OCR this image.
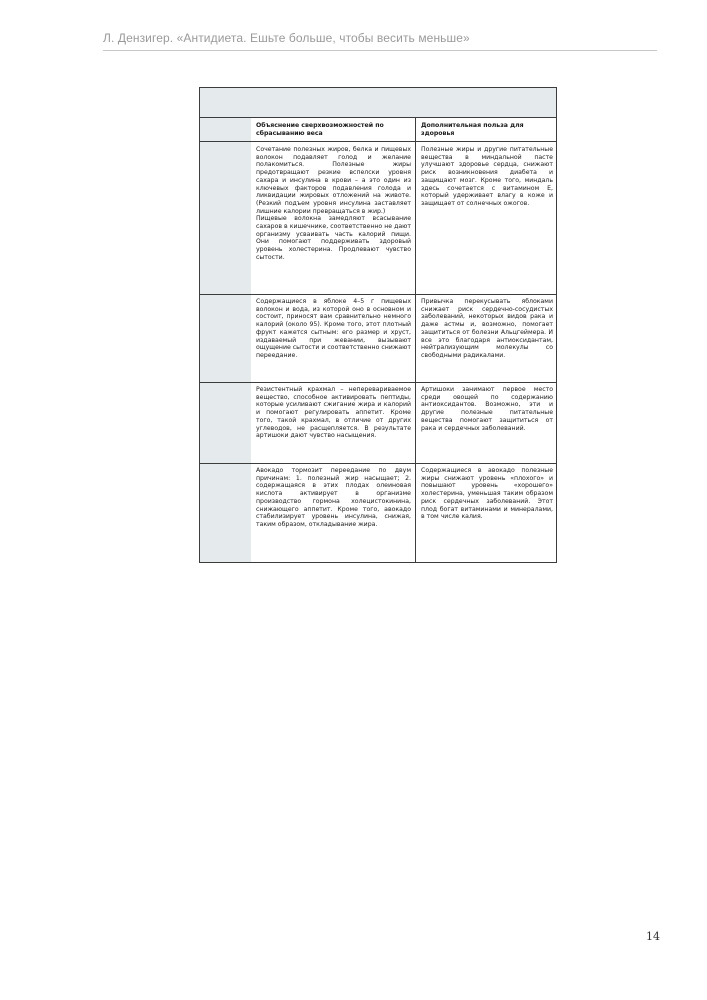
Л. Дензигер. «Антидиета. Ешьте больше, чтобы весить меньше»
Объяснение сверхвозможностей по сбрасыванию веса
Дополнительная польза для здоровья

Сочетание полезных жиров, белка и пищевых волокон подавляет голод и желание полакомиться. Полезные жиры предотвращают резкие вспелски уровня сахара и инсулина в крови – а это один из ключевых факторов подавления голода и ликвидации жировых отложений на животе. (Резкий подъем уровня инсулина заставляет лишние калории превращаться в жир.)

Пищевые волокна замедляют всасывание сахаров в кишечнике, соответственно не дают организму усваивать часть калорий пищи. Они помогают поддерживать здоровый уровень холестерина. Продлевают чувство сытости.

Полезные жиры и другие питательные вещества в миндальной пасте улучшают здоровье сердца, снижают риск возникновения диабета и защищают мозг. Кроме того, миндаль здесь сочетается с витамином Е, который удерживает влагу в коже и защищает от солнечных ожогов.

Содержащиеся в яблоке 4–5 г пищевых волокон и вода, из которой оно в основном и состоит, приносят вам сравнительно немного калорий (около 95). Кроме того, этот плотный фрукт кажется сытным: его размер и хруст, издаваемый при жевании, вызывают ощущение сытости и соответственно снижают переедание.

Привычка перекусывать яблоками снижает риск сердечно-сосудистых заболеваний, некоторых видов рака и даже астмы и, возможно, помогает защититься от болезни Альцгеймера. И все это благодаря антиоксидантам, нейтрализующим молекулы со свободными радикалами.

Резистентный крахмал – неперевариваемое вещество, способное активировать пептиды, которые усиливают сжигание жира и калорий и помогают регулировать аппетит. Кроме того, такой крахмал, в отличие от других углеводов, не расщепляется. В результате артишоки дают чувство насыщения.

Артишоки занимают первое место среди овощей по содержанию антиоксидантов. Возможно, эти и другие полезные питательные вещества помогают защититься от рака и сердечных заболеваний.

Авокадо тормозит переедание по двум причинам: 1. полезный жир насыщает; 2. содержащаяся в этих плодах олеиновая кислота активирует в организме производство гормона холецистокинина, снижающего аппетит. Кроме того, авокадо стабилизирует уровень инсулина, снижая, таким образом, откладывание жира.

Содержащиеся в авокадо полезные жиры снижают уровень «плохого» и повышают уровень «хорошего» холестерина, уменьшая таким образом риск сердечных заболеваний. Этот плод богат витаминами и минералами, в том числе калия.

14
